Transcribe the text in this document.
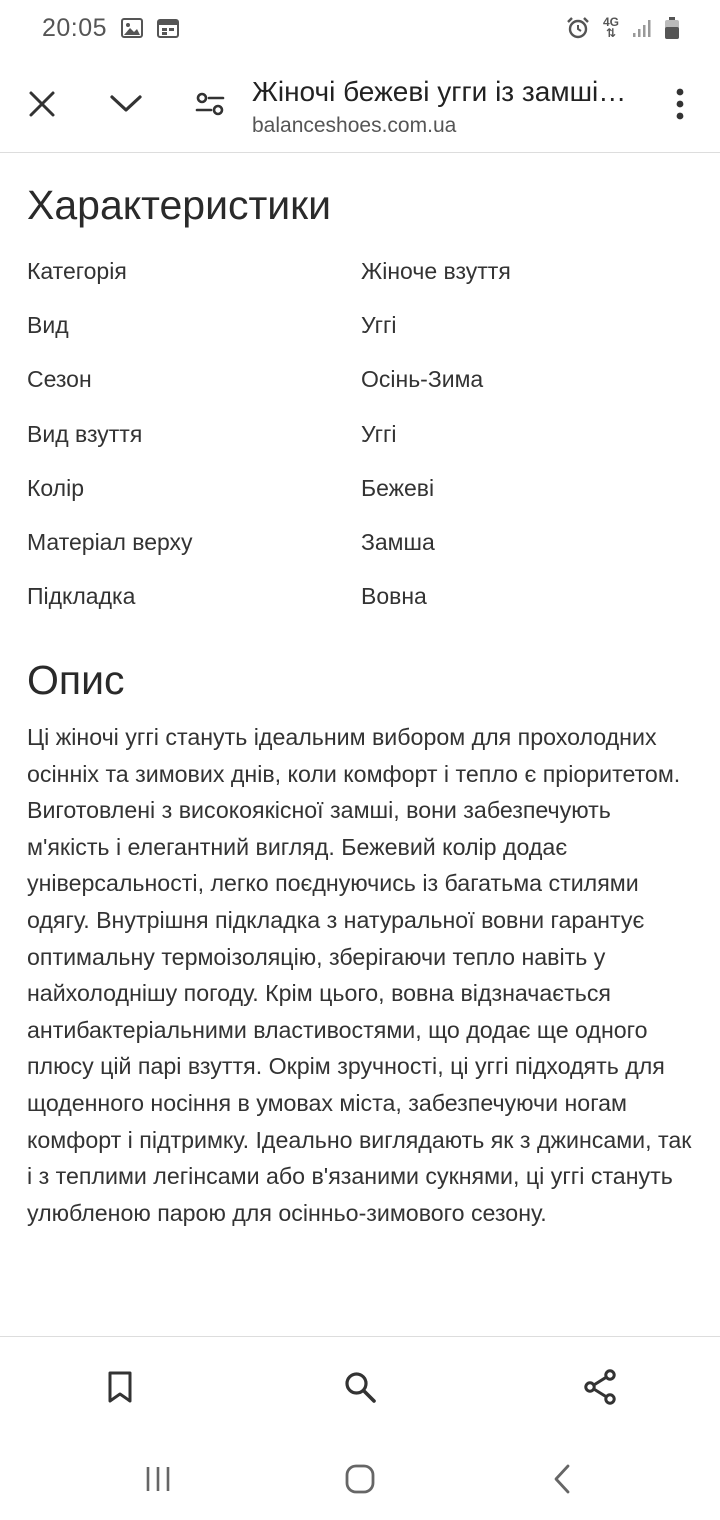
20:05	4G
⇅
Жіночі бежеві угги із замші…
balanceshoes.com.ua
Характеристики
Категорія	Жіноче взуття
Вид	Уггі
Сезон	Осінь-Зима
Вид взуття	Уггі
Колір	Бежеві
Матеріал верху	Замша
Підкладка	Вовна
Опис

Ці жіночі уггі стануть ідеальним вибором для прохолодних осінніх та зимових днів, коли комфорт і тепло є пріоритетом. Виготовлені з високоякісної замші, вони забезпечують м'якість і елегантний вигляд. Бежевий колір додає універсальності, легко поєднуючись із багатьма стилями одягу. Внутрішня підкладка з натуральної вовни гарантує оптимальну термоізоляцію, зберігаючи тепло навіть у найхолоднішу погоду. Крім цього, вовна відзначається антибактеріальними властивостями, що додає ще одного плюсу цій парі взуття. Окрім зручності, ці уггі підходять для щоденного носіння в умовах міста, забезпечуючи ногам комфорт і підтримку. Ідеально виглядають як з джинсами, так і з теплими легінсами або в'язаними сукнями, ці уггі стануть улюбленою парою для осінньо-зимового сезону.
